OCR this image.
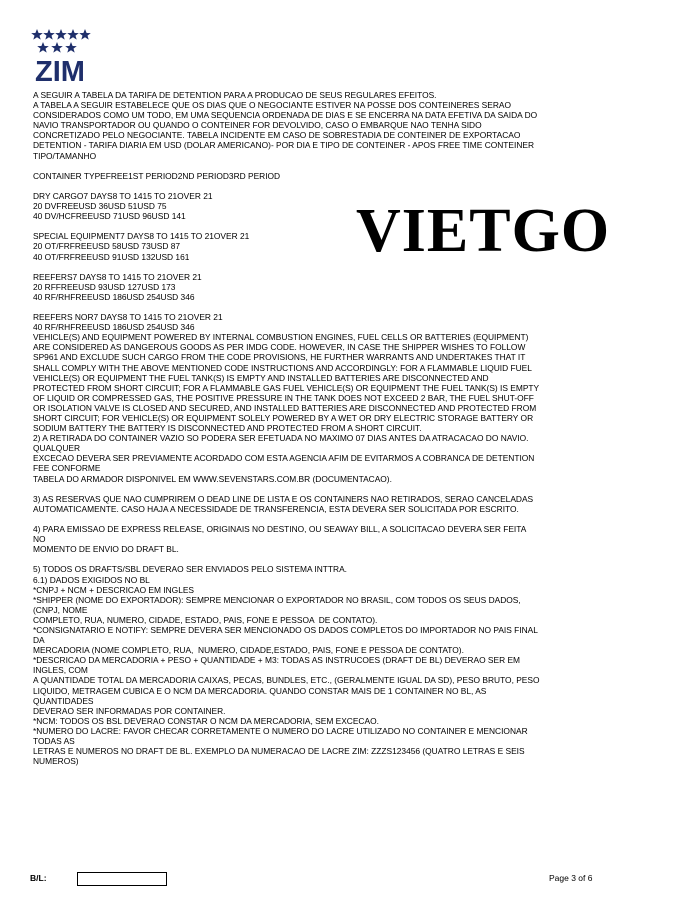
ZIM
VIETGO
A SEGUIR A TABELA DA TARIFA DE DETENTION PARA A PRODUCAO DE SEUS REGULARES EFEITOS.
A TABELA A SEGUIR ESTABELECE QUE OS DIAS QUE O NEGOCIANTE ESTIVER NA POSSE DOS CONTEINERES SERAO
CONSIDERADOS COMO UM TODO, EM UMA SEQUENCIA ORDENADA DE DIAS E SE ENCERRA NA DATA EFETIVA DA SAIDA DO
NAVIO TRANSPORTADOR OU QUANDO O CONTEINER FOR DEVOLVIDO, CASO O EMBARQUE NAO TENHA SIDO
CONCRETIZADO PELO NEGOCIANTE. TABELA INCIDENTE EM CASO DE SOBRESTADIA DE CONTEINER DE EXPORTACAO
DETENTION - TARIFA DIARIA EM USD (DOLAR AMERICANO)- POR DIA E TIPO DE CONTEINER - APOS FREE TIME CONTEINER
TIPO/TAMANHO
CONTAINER TYPEFREE1ST PERIOD2ND PERIOD3RD PERIOD
DRY CARGO7 DAYS8 TO 1415 TO 21OVER 21
20 DVFREEUSD 36USD 51USD 75
40 DV/HCFREEUSD 71USD 96USD 141
SPECIAL EQUIPMENT7 DAYS8 TO 1415 TO 21OVER 21
20 OT/FRFREEUSD 58USD 73USD 87
40 OT/FRFREEUSD 91USD 132USD 161
REEFERS7 DAYS8 TO 1415 TO 21OVER 21
20 RFFREEUSD 93USD 127USD 173
40 RF/RHFREEUSD 186USD 254USD 346
REEFERS NOR7 DAYS8 TO 1415 TO 21OVER 21
40 RF/RHFREEUSD 186USD 254USD 346
VEHICLE(S) AND EQUIPMENT POWERED BY INTERNAL COMBUSTION ENGINES, FUEL CELLS OR BATTERIES (EQUIPMENT)
ARE CONSIDERED AS DANGEROUS GOODS AS PER IMDG CODE. HOWEVER, IN CASE THE SHIPPER WISHES TO FOLLOW
SP961 AND EXCLUDE SUCH CARGO FROM THE CODE PROVISIONS, HE FURTHER WARRANTS AND UNDERTAKES THAT IT
SHALL COMPLY WITH THE ABOVE MENTIONED CODE INSTRUCTIONS AND ACCORDINGLY: FOR A FLAMMABLE LIQUID FUEL
VEHICLE(S) OR EQUIPMENT THE FUEL TANK(S) IS EMPTY AND INSTALLED BATTERIES ARE DISCONNECTED AND
PROTECTED FROM SHORT CIRCUIT; FOR A FLAMMABLE GAS FUEL VEHICLE(S) OR EQUIPMENT THE FUEL TANK(S) IS EMPTY
OF LIQUID OR COMPRESSED GAS, THE POSITIVE PRESSURE IN THE TANK DOES NOT EXCEED 2 BAR, THE FUEL SHUT-OFF
OR ISOLATION VALVE IS CLOSED AND SECURED, AND INSTALLED BATTERIES ARE DISCONNECTED AND PROTECTED FROM
SHORT CIRCUIT; FOR VEHICLE(S) OR EQUIPMENT SOLELY POWERED BY A WET OR DRY ELECTRIC STORAGE BATTERY OR
SODIUM BATTERY THE BATTERY IS DISCONNECTED AND PROTECTED FROM A SHORT CIRCUIT.
2) A RETIRADA DO CONTAINER VAZIO SO PODERA SER EFETUADA NO MAXIMO 07 DIAS ANTES DA ATRACACAO DO NAVIO.
QUALQUER
EXCECAO DEVERA SER PREVIAMENTE ACORDADO COM ESTA AGENCIA AFIM DE EVITARMOS A COBRANCA DE DETENTION
FEE CONFORME
TABELA DO ARMADOR DISPONIVEL EM WWW.SEVENSTARS.COM.BR (DOCUMENTACAO).
3) AS RESERVAS QUE NAO CUMPRIREM O DEAD LINE DE LISTA E OS CONTAINERS NAO RETIRADOS, SERAO CANCELADAS
AUTOMATICAMENTE. CASO HAJA A NECESSIDADE DE TRANSFERENCIA, ESTA DEVERA SER SOLICITADA POR ESCRITO.
4) PARA EMISSAO DE EXPRESS RELEASE, ORIGINAIS NO DESTINO, OU SEAWAY BILL, A SOLICITACAO DEVERA SER FEITA
NO
MOMENTO DE ENVIO DO DRAFT BL.
5) TODOS OS DRAFTS/SBL DEVERAO SER ENVIADOS PELO SISTEMA INTTRA.
6.1) DADOS EXIGIDOS NO BL
*CNPJ + NCM + DESCRICAO EM INGLES
*SHIPPER (NOME DO EXPORTADOR): SEMPRE MENCIONAR O EXPORTADOR NO BRASIL, COM TODOS OS SEUS DADOS,
(CNPJ, NOME
COMPLETO, RUA, NUMERO, CIDADE, ESTADO, PAIS, FONE E PESSOA  DE CONTATO).
*CONSIGNATARIO E NOTIFY: SEMPRE DEVERA SER MENCIONADO OS DADOS COMPLETOS DO IMPORTADOR NO PAIS FINAL
DA
MERCADORIA (NOME COMPLETO, RUA,  NUMERO, CIDADE,ESTADO, PAIS, FONE E PESSOA DE CONTATO).
*DESCRICAO DA MERCADORIA + PESO + QUANTIDADE + M3: TODAS AS INSTRUCOES (DRAFT DE BL) DEVERAO SER EM
INGLES, COM
A QUANTIDADE TOTAL DA MERCADORIA CAIXAS, PECAS, BUNDLES, ETC., (GERALMENTE IGUAL DA SD), PESO BRUTO, PESO
LIQUIDO, METRAGEM CUBICA E O NCM DA MERCADORIA. QUANDO CONSTAR MAIS DE 1 CONTAINER NO BL, AS
QUANTIDADES
DEVERAO SER INFORMADAS POR CONTAINER.
*NCM: TODOS OS BSL DEVERAO CONSTAR O NCM DA MERCADORIA, SEM EXCECAO.
*NUMERO DO LACRE: FAVOR CHECAR CORRETAMENTE O NUMERO DO LACRE UTILIZADO NO CONTAINER E MENCIONAR
TODAS AS
LETRAS E NUMEROS NO DRAFT DE BL. EXEMPLO DA NUMERACAO DE LACRE ZIM: ZZZS123456 (QUATRO LETRAS E SEIS
NUMEROS)
B/L:	Page 3 of 6
